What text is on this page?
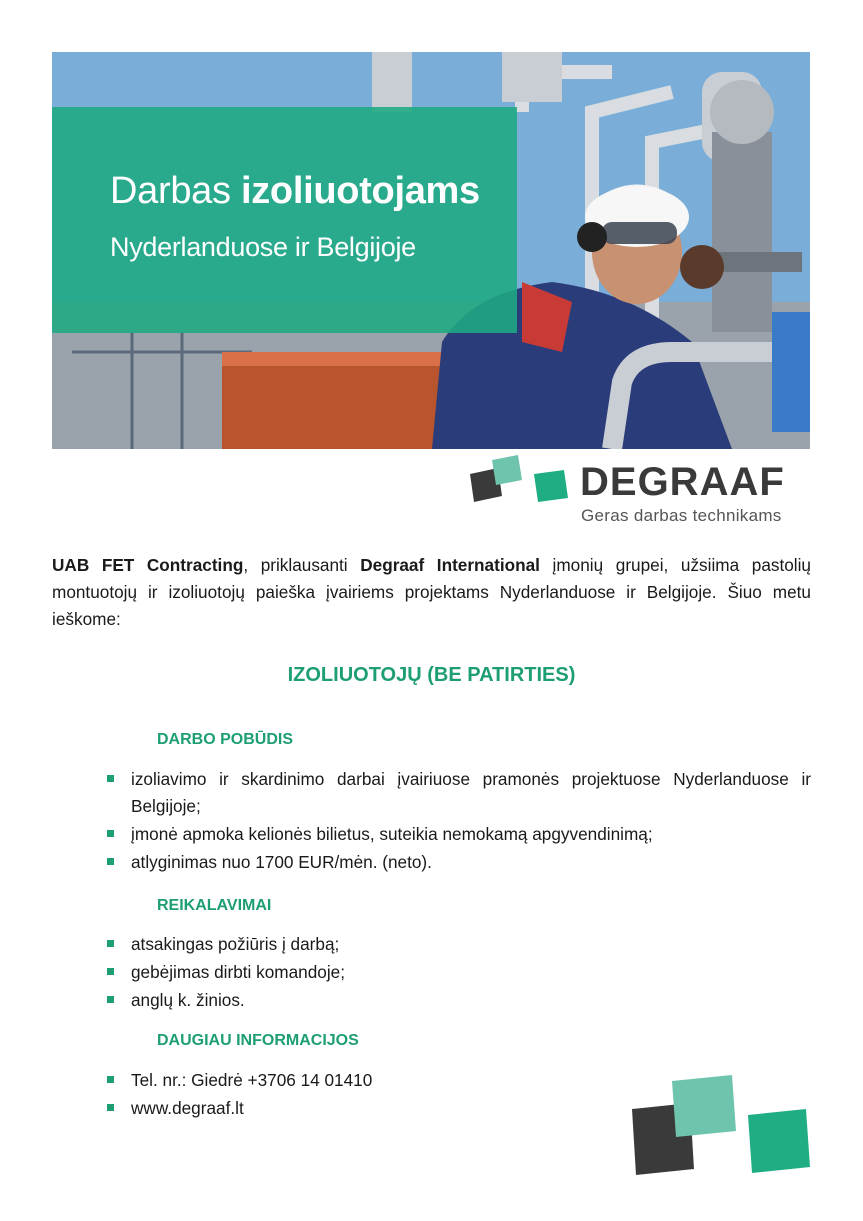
Darbas izoliuotojams
Nyderlanduose ir Belgijoje
DEGRAAF
Geras darbas technikams

UAB FET Contracting, priklausanti Degraaf International įmonių grupei, užsiima pastolių montuotojų ir izoliuotojų paieška įvairiems projektams Nyderlanduose ir Belgijoje. Šiuo metu ieškome:

IZOLIUOTOJŲ (BE PATIRTIES)
DARBO POBŪDIS
izoliavimo ir skardinimo darbai įvairiuose pramonės projektuose Nyderlanduose ir Belgijoje;
įmonė apmoka kelionės bilietus, suteikia nemokamą apgyvendinimą;
atlyginimas nuo 1700 EUR/mėn. (neto).
REIKALAVIMAI
atsakingas požiūris į darbą;
gebėjimas dirbti komandoje;
anglų k. žinios.
DAUGIAU INFORMACIJOS
Tel. nr.: Giedrė +3706 14 01410
www.degraaf.lt
